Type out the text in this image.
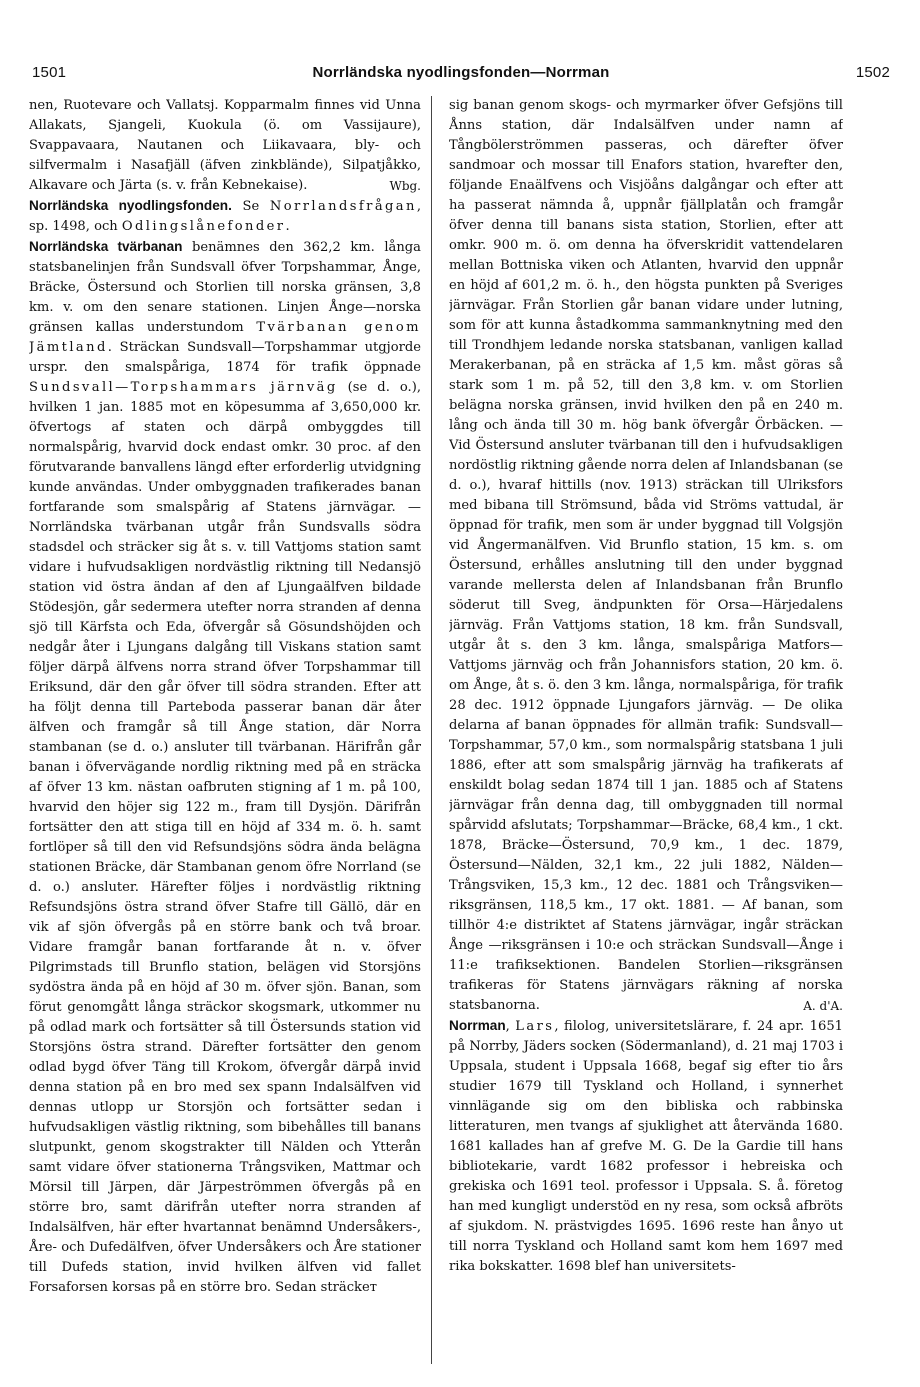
1501	Norrländska nyodlingsfonden—Norrman	1502

nen, Ruotevare och Vallatsj. Kopparmalm finnes vid Unna Allakats, Sjangeli, Kuokula (ö. om Vassijaure), Svappavaara, Nautanen och Liikavaara, bly- och silfvermalm i Nasafjäll (äfven zinkblände), Silpatjåkko, Alkavare och Järta (s. v. från Kebnekaise).	Wbg.

Norrländska nyodlingsfonden. Se Norrlandsfrågan, sp. 1498, och Odlingslånefonder.

Norrländska tvärbanan benämnes den 362,2 km. långa statsbanelinjen från Sundsvall öfver Torpshammar, Ånge, Bräcke, Östersund och Storlien till norska gränsen, 3,8 km. v. om den senare stationen. Linjen Ånge—norska gränsen kallas understundom Tvärbanan genom Jämtland. Sträckan Sundsvall—Torpshammar utgjorde urspr. den smalspåriga, 1874 för trafik öppnade Sundsvall—Torpshammars järnväg (se d. o.), hvilken 1 jan. 1885 mot en köpesumma af 3,650,000 kr. öfvertogs af staten och därpå ombyggdes till normalspårig, hvarvid dock endast omkr. 30 proc. af den förutvarande banvallens längd efter erforderlig utvidgning kunde användas. Under ombyggnaden trafikerades banan fortfarande som smalspårig af Statens järnvägar. — Norrländska tvärbanan utgår från Sundsvalls södra stadsdel och sträcker sig åt s. v. till Vattjoms station samt vidare i hufvudsakligen nordvästlig riktning till Nedansjö station vid östra ändan af den af Ljungaälfven bildade Stödesjön, går sedermera utefter norra stranden af denna sjö till Kärfsta och Eda, öfvergår så Gösundshöjden och nedgår åter i Ljungans dalgång till Viskans station samt följer därpå älfvens norra strand öfver Torpshammar till Eriksund, där den går öfver till södra stranden. Efter att ha följt denna till Parteboda passerar banan där åter älfven och framgår så till Ånge station, där Norra stambanan (se d. o.) ansluter till tvärbanan. Härifrån går banan i öfvervägande nordlig riktning med på en sträcka af öfver 13 km. nästan oafbruten stigning af 1 m. på 100, hvarvid den höjer sig 122 m., fram till Dysjön. Därifrån fortsätter den att stiga till en höjd af 334 m. ö. h. samt fortlöper så till den vid Refsundsjöns södra ända belägna stationen Bräcke, där Stambanan genom öfre Norrland (se d. o.) ansluter. Härefter följes i nordvästlig riktning Refsundsjöns östra strand öfver Stafre till Gällö, där en vik af sjön öfvergås på en större bank och två broar. Vidare framgår banan fortfarande åt n. v. öfver Pilgrimstads till Brunflo station, belägen vid Storsjöns sydöstra ända på en höjd af 30 m. öfver sjön. Banan, som förut genomgått långa sträckor skogsmark, utkommer nu på odlad mark och fortsätter så till Östersunds station vid Storsjöns östra strand. Därefter fortsätter den genom odlad bygd öfver Täng till Krokom, öfvergår därpå invid denna station på en bro med sex spann Indalsälfven vid dennas utlopp ur Storsjön och fortsätter sedan i hufvudsakligen västlig riktning, som bibehålles till banans slutpunkt, genom skogstrakter till Nälden och Ytterån samt vidare öfver stationerna Trångsviken, Mattmar och Mörsil till Järpen, där Järpeströmmen öfvergås på en större bro, samt därifrån utefter norra stranden af Indalsälfven, här efter hvartannat benämnd Undersåkers-, Åre- och Dufedälfven, öfver Undersåkers och Åre stationer till Dufeds station, invid hvilken älfven vid fallet Forsaforsen korsas på en större bro. Sedan sträckeт

sig banan genom skogs- och myrmarker öfver Gefsjöns till Ånns station, där Indalsälfven under namn af Tångbölerströmmen passeras, och därefter öfver sandmoar och mossar till Enafors station, hvarefter den, följande Enaälfvens och Visjöåns dalgångar och efter att ha passerat nämnda å, uppnår fjällplatån och framgår öfver denna till banans sista station, Storlien, efter att omkr. 900 m. ö. om denna ha öfverskridit vattendelaren mellan Bottniska viken och Atlanten, hvarvid den uppnår en höjd af 601,2 m. ö. h., den högsta punkten på Sveriges järnvägar. Från Storlien går banan vidare under lutning, som för att kunna åstadkomma sammanknytning med den till Trondhjem ledande norska statsbanan, vanligen kallad Merakerbanan, på en sträcka af 1,5 km. måst göras så stark som 1 m. på 52, till den 3,8 km. v. om Storlien belägna norska gränsen, invid hvilken den på en 240 m. lång och ända till 30 m. hög bank öfvergår Örbäcken. — Vid Östersund ansluter tvärbanan till den i hufvudsakligen nordöstlig riktning gående norra delen af Inlandsbanan (se d. o.), hvaraf hittills (nov. 1913) sträckan till Ulriksfors med bibana till Strömsund, båda vid Ströms vattudal, är öppnad för trafik, men som är under byggnad till Volgsjön vid Ångermanälfven. Vid Brunflo station, 15 km. s. om Östersund, erhålles anslutning till den under byggnad varande mellersta delen af Inlandsbanan från Brunflo söderut till Sveg, ändpunkten för Orsa—Härjedalens järnväg. Från Vattjoms station, 18 km. från Sundsvall, utgår åt s. den 3 km. långa, smalspåriga Matfors—Vattjoms järnväg och från Johannisfors station, 20 km. ö. om Ånge, åt s. ö. den 3 km. långa, normalspåriga, för trafik 28 dec. 1912 öppnade Ljungafors järnväg. — De olika delarna af banan öppnades för allmän trafik: Sundsvall—Torpshammar, 57,0 km., som normalspårig statsbana 1 juli 1886, efter att som smalspårig järnväg ha trafikerats af enskildt bolag sedan 1874 till 1 jan. 1885 och af Statens järnvägar från denna dag, till ombyggnaden till normal spårvidd afslutats; Torpshammar—Bräcke, 68,4 km., 1 ckt. 1878, Bräcke—Östersund, 70,9 km., 1 dec. 1879, Östersund—Nälden, 32,1 km., 22 juli 1882, Nälden—Trångsviken, 15,3 km., 12 dec. 1881 och Trångsviken—riksgränsen, 118,5 km., 17 okt. 1881. — Af banan, som tillhör 4:e distriktet af Statens järnvägar, ingår sträckan Ånge —riksgränsen i 10:e och sträckan Sundsvall—Ånge i 11:e trafiksektionen. Bandelen Storlien—riksgränsen trafikeras för Statens järnvägars räkning af norska statsbanorna.	A. d'A.

Norrman, Lars, filolog, universitetslärare, f. 24 apr. 1651 på Norrby, Jäders socken (Södermanland), d. 21 maj 1703 i Uppsala, student i Uppsala 1668, begaf sig efter tio års studier 1679 till Tyskland och Holland, i synnerhet vinnlägande sig om den bibliska och rabbinska litteraturen, men tvangs af sjuklighet att återvända 1680. 1681 kallades han af grefve M. G. De la Gardie till hans bibliotekarie, vardt 1682 professor i hebreiska och grekiska och 1691 teol. professor i Uppsala. S. å. företog han med kungligt understöd en ny resa, som också afbröts af sjukdom. N. prästvigdes 1695. 1696 reste han ånyo ut till norra Tyskland och Holland samt kom hem 1697 med rika bokskatter. 1698 blef han universitets-
